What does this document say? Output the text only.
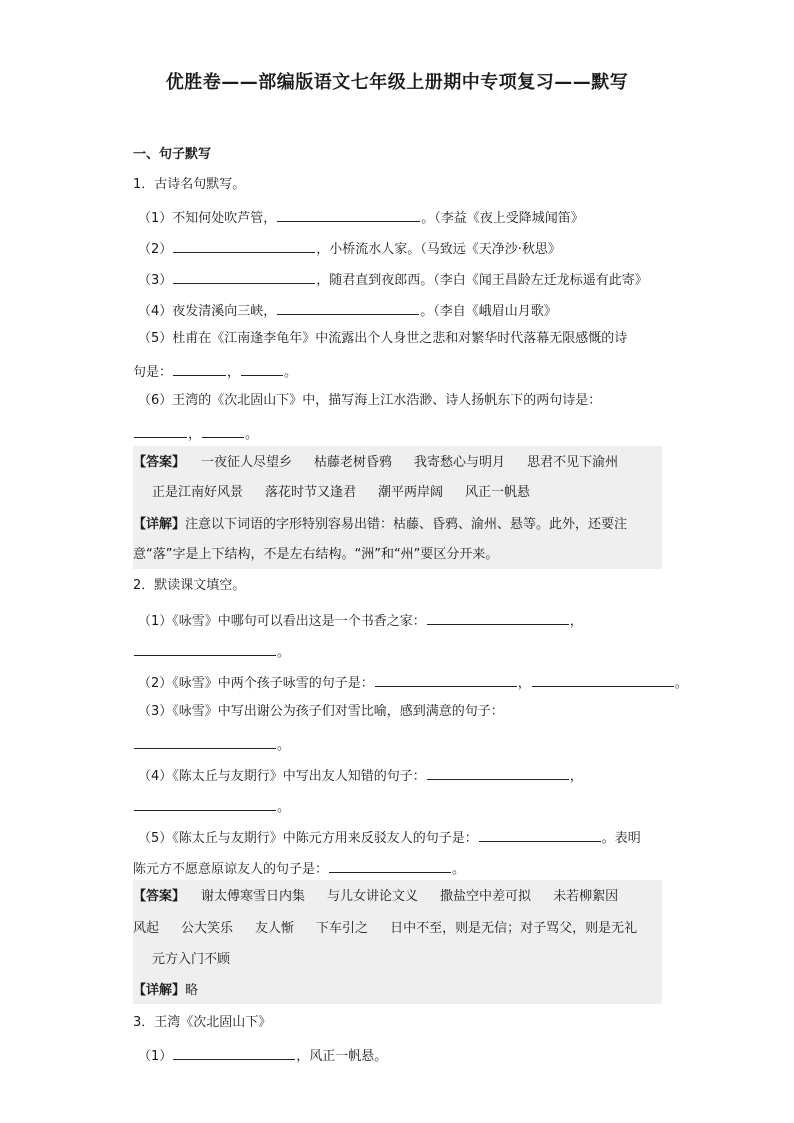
优胜卷——部编版语文七年级上册期中专项复习——默写
一、句子默写
1．古诗名句默写。
（1）不知何处吹芦管，	。（李益《夜上受降城闻笛》
（2）	，小桥流水人家。（马致远《天净沙·秋思》
（3）	，随君直到夜郎西。（李白《闻王昌龄左迁龙标遥有此寄》
（4）夜发清溪向三峡，	。（李自《峨眉山月歌》
（5）杜甫在《江南逢李龟年》中流露出个人身世之悲和对繁华时代落幕无限感慨的诗
句是：	，	。
（6）王湾的《次北固山下》中，描写海上江水浩渺、诗人扬帆东下的两句诗是：
，	。
【答案】 一夜征人尽望乡 枯藤老树昏鸦 我寄愁心与明月 思君不见下渝州
正是江南好风景 落花时节又逢君 潮平两岸阔 风正一帆悬
【详解】注意以下词语的字形特别容易出错：枯藤、昏鸦、渝州、悬等。此外，还要注
意“落”字是上下结构，不是左右结构。“洲”和“州”要区分开来。
2．默读课文填空。
（1）《咏雪》中哪句可以看出这是一个书香之家：	，
。
（2）《咏雪》中两个孩子咏雪的句子是：	，	。
（3）《咏雪》中写出谢公为孩子们对雪比喻，感到满意的句子：
。
（4）《陈太丘与友期行》中写出友人知错的句子：	，
。
（5）《陈太丘与友期行》中陈元方用来反驳友人的句子是：	。表明
陈元方不愿意原谅友人的句子是：	。
【答案】 谢太傅寒雪日内集 与儿女讲论文义 撒盐空中差可拟 未若柳絮因
风起 公大笑乐 友人惭 下车引之 日中不至，则是无信；对子骂父，则是无礼
元方入门不顾
【详解】略
3．王湾《次北固山下》
（1）	，风正一帆悬。
